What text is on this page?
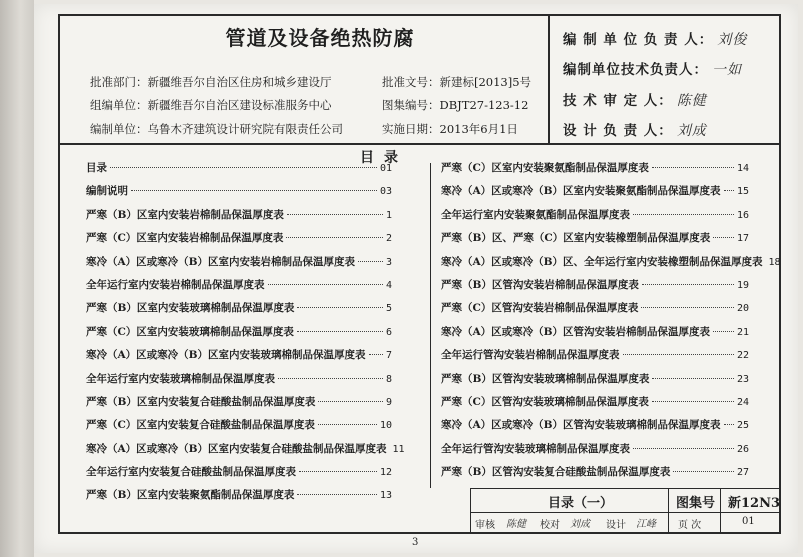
管道及设备绝热防腐
批准部门：新疆维吾尔自治区住房和城乡建设厅
组编单位：新疆维吾尔自治区建设标准服务中心
编制单位：乌鲁木齐建筑设计研究院有限责任公司
批准文号：新建标[2013]5号
图集编号：DBJT27-123-12
实施日期：2013年6月1日
编 制 单 位 负 责 人： 刘俊
编制单位技术负责人： 一如
技 术 审 定 人： 陈健
设 计 负 责 人： 刘成
目录
目录	01
编制说明	03
严寒（B）区室内安装岩棉制品保温厚度表	1
严寒（C）区室内安装岩棉制品保温厚度表	2
寒冷（A）区或寒冷（B）区室内安装岩棉制品保温厚度表	3
全年运行室内安装岩棉制品保温厚度表	4
严寒（B）区室内安装玻璃棉制品保温厚度表	5
严寒（C）区室内安装玻璃棉制品保温厚度表	6
寒冷（A）区或寒冷（B）区室内安装玻璃棉制品保温厚度表 7
全年运行室内安装玻璃棉制品保温厚度表	8
严寒（B）区室内安装复合硅酸盐制品保温厚度表	9
严寒（C）区室内安装复合硅酸盐制品保温厚度表	10
寒冷（A）区或寒冷（B）区室内安装复合硅酸盐制品保温厚度表 11
全年运行室内安装复合硅酸盐制品保温厚度表	12
严寒（B）区室内安装聚氨酯制品保温厚度表	13
严寒（C）区室内安装聚氨酯制品保温厚度表	14
寒冷（A）区或寒冷（B）区室内安装聚氨酯制品保温厚度表 15
全年运行室内安装聚氨酯制品保温厚度表	16
严寒（B）区、严寒（C）区室内安装橡塑制品保温厚度表	17
寒冷（A）区或寒冷（B）区、全年运行室内安装橡塑制品保温厚度表 18
严寒（B）区管沟安装岩棉制品保温厚度表	19
严寒（C）区管沟安装岩棉制品保温厚度表	20
寒冷（A）区或寒冷（B）区管沟安装岩棉制品保温厚度表	21
全年运行管沟安装岩棉制品保温厚度表	22
严寒（B）区管沟安装玻璃棉制品保温厚度表	23
严寒（C）区管沟安装玻璃棉制品保温厚度表	24
寒冷（A）区或寒冷（B）区管沟安装玻璃棉制品保温厚度表 25
全年运行管沟安装玻璃棉制品保温厚度表	26
严寒（B）区管沟安装复合硅酸盐制品保温厚度表	27
目录（一）	图集号 新12N3
审核 陈健 校对 刘成 设计 江峰 页 次	01
3
